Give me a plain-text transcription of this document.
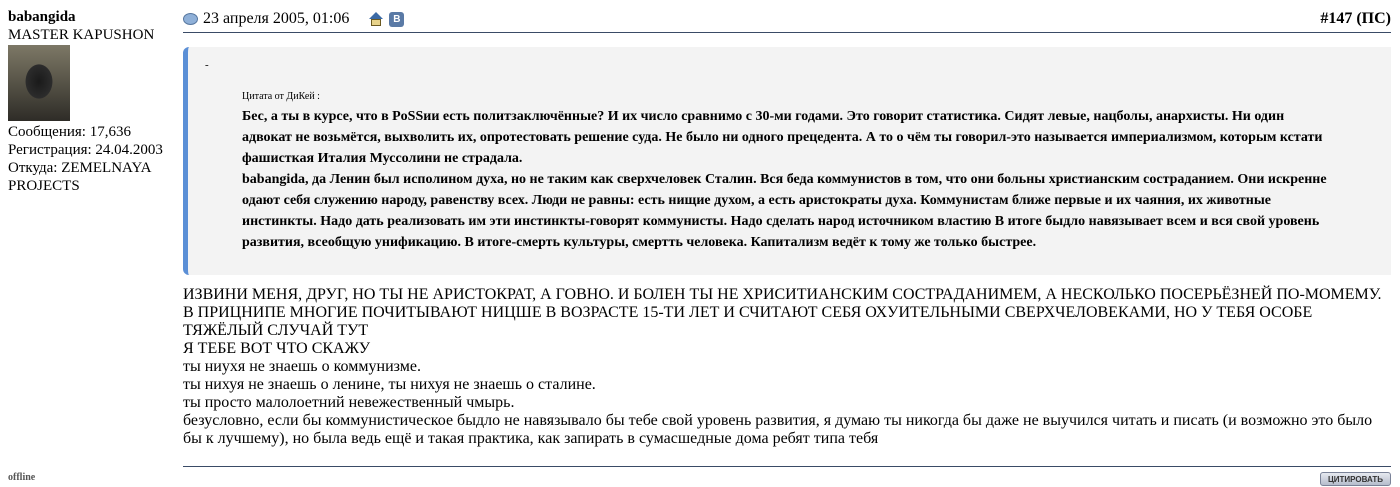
babangida
MASTER KAPUSHON
Сообщения: 17,636
Регистрация: 24.04.2003
Откуда: ZEMELNAYA PROJECTS
offline
23 апреля 2005, 01:06	В	#147 (ПС)
-
Цитата от ДиКей :
Бес, а ты в курсе, что в PoSSии есть политзаключённые? И их число сравнимо с 30-ми годами. Это говорит статистика. Сидят левые, нацболы, анархисты. Ни один адвокат не возьмётся, выхволить их, опротестовать решение суда. Не было ни одного прецедента. А то о чём ты говорил-это называется империализмом, которым кстати фашисткая Италия Муссолини не страдала.
babangida, да Ленин был исполином духа, но не таким как сверхчеловек Сталин. Вся беда коммунистов в том, что они больны христианским состраданием. Они искренне одают себя служению народу, равенству всех. Люди не равны: есть нищие духом, а есть аристократы духа. Коммунистам ближе первые и их чаяния, их животные инстинкты. Надо дать реализовать им эти инстинкты-говорят коммунисты. Надо сделать народ источником властию В итоге быдло навязывает всем и вся свой уровень развития, всеобщую унификацию. В итоге-смерть культуры, смертть человека. Капитализм ведёт к тому же только быстрее.

ИЗВИНИ МЕНЯ, ДРУГ, НО ТЫ НЕ АРИСТОКРАТ, А ГОВНО. И БОЛЕН ТЫ НЕ ХРИСИТИАНСКИМ СОСТРАДАНИМЕМ, А НЕСКОЛЬКО ПОСЕРЬЁЗНЕЙ ПО-МОМЕМУ.

В ПРИЦНИПЕ МНОГИЕ ПОЧИТЫВАЮТ НИЦШЕ В ВОЗРАСТЕ 15-ТИ ЛЕТ И СЧИТАЮТ СЕБЯ ОХУИТЕЛЬНЫМИ СВЕРХЧЕЛОВЕКАМИ, НО У ТЕБЯ ОСОБЕ ТЯЖЁЛЫЙ СЛУЧАЙ ТУТ

Я ТЕБЕ ВОТ ЧТО СКАЖУ

ты ниухя не знаешь о коммунизме.

ты нихуя не знаешь о ленине, ты нихуя не знаешь о сталине.

ты просто малолоетний невежественный чмырь.

безусловно, если бы коммунистическое быдло не навязывало бы тебе свой уровень развития, я думаю ты никогда бы даже не выучился читать и писать (и возможно это было бы к лучшему), но была ведь ещё и такая практика, как запирать в сумасшедные дома ребят типа тебя

ЦИТИРОВАТЬ
